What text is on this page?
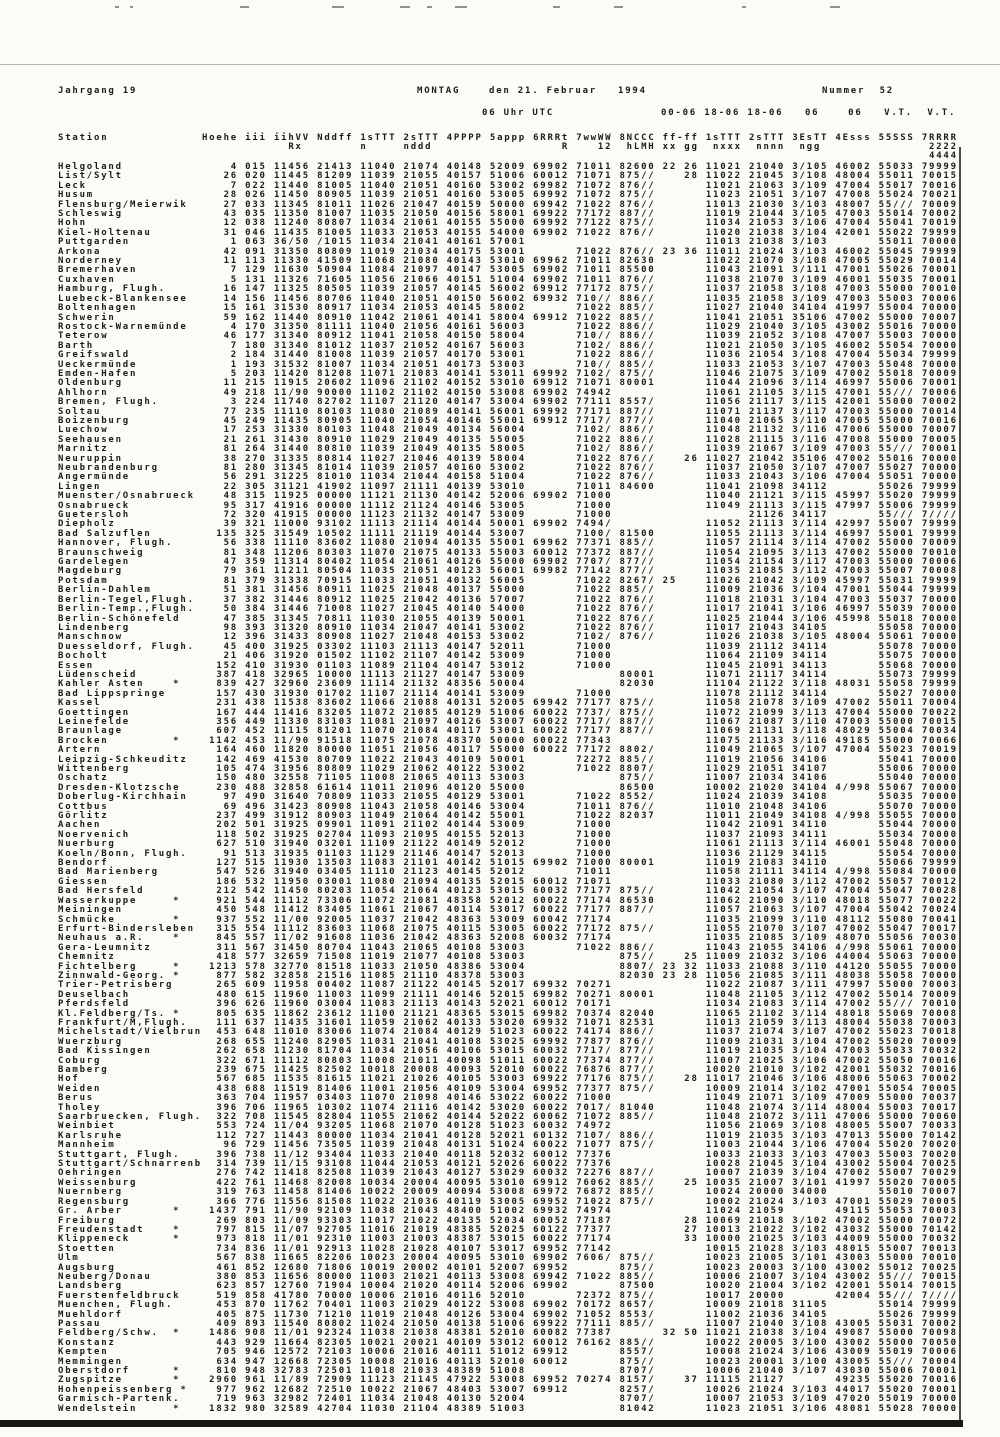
Jahrgang 19	MONTAG	den 21. Februar 1994	Nummer  52
06 Uhr UTC	00-06 18-06 18-06   06    06   V.T.  V.T.
Station             Hoehe iii iihVV Nddff 1sTTT 2sTTT 4PPPP 5appp 6RRRt 7wwWW 8NCCC ff-ff 1sTTT 2sTTT 3EsTT 4Esss 55SSS 7RRRR
Rx        n     nddd                  R    12  hLMH xx gg  nxxx  nnnn  ngg               2222
4444
Helgoland               4 015 11456 21413 11040 21074 40148 52009 69902 71011 82600 22 26 11021 21040 3/105 46002 55033 79999
List/Sylt              26 020 11445 81209 11039 21055 40157 51006 60012 71071 875//    28 11022 21045 3/108 48004 55011 70015
Leck                    7 022 11440 81005 11040 21051 40160 53002 69982 71072 876//       11021 21063 3/109 47004 55017 70016
Husum                  28 026 11450 80905 11039 21051 40160 53005 69992 71072 875//       11023 21051 3/107 47008 55024 70021
Flensburg/Meierwik     27 033 11345 81011 11026 21047 40159 50000 69942 71022 876//       11013 21030 3/103 48007 55/// 70009
Schleswig              43 035 11350 81007 11035 21050 40156 58001 69922 77172 887//       11019 21044 3/105 47003 55014 70002
Hohn                   12 038 11240 80807 11034 21061 40155 55000 69992 77122 875//       11034 21053 3/106 47004 55041 70019
Kiel-Holtenau          31 046 11435 81005 11033 21053 40155 54000 69902 71022 876//       11020 21038 3/104 42001 55022 79999
Puttgarden              1 063 36/50 /1015 11034 21041 40161 57001                         11013 21038 3/103       55011 70000
Arkona                 42 091 31350 80809 11019 21034 40175 53001       71022 876// 23 36 11011 21024 3/103 46002 55045 79999
Norderney              11 113 11330 41509 11068 21080 40143 53010 69962 71011 82630       11022 21070 3/108 47005 55029 70014
Bremerhaven             7 129 11630 50904 11084 21097 40147 53005 69902 71011 85500       11043 21091 3/111 47001 55026 70001
Cuxhaven                5 131 11326 71605 11056 21066 40151 51004 69902 71011 876//       11038 21070 3/109 46001 55035 70001
Hamburg, Flugh.        16 147 11325 80505 11039 21057 40145 56002 69912 77172 875//       11037 21058 3/108 47003 55000 70010
Luebeck-Blankensee     14 156 11456 80706 11040 21051 40150 56002 69932 710// 886//       11035 21058 3/109 47003 55003 70006
Boltenhagen            15 161 31530 80917 11034 21053 40145 58002       71022 885//       11027 21040 34104 41997 55004 70000
Schwerin               59 162 11440 80910 11042 21061 40141 58004 69912 71022 885//       11041 21051 35106 47002 55000 70007
Rostock-Warnemünde      4 170 31350 81111 11040 21056 40161 56003       71022 886//       11029 21040 3/105 43002 55016 70000
Teterow                46 177 31340 80912 11041 21058 40150 58004       710// 886//       11039 21052 3/108 47007 55003 70000
Barth                   7 180 31340 81012 11037 21052 40167 56003       7102/ 886//       11021 21050 3/105 46002 55054 70000
Greifswald              2 184 31440 81008 11039 21057 40170 53001       71022 886//       11036 21054 3/108 47004 55034 79999
Ueckermünde             1 193 31532 81007 11034 21051 40173 53003       710// 885//       11033 21053 3/107 47003 55048 70000
Emden-Hafen             5 203 11420 81208 11071 21083 40141 53011 69992 7102/ 875//       11046 21075 3/109 47002 55018 70009
Oldenburg              11 215 11915 20602 11096 21102 40152 53010 69912 71071 80001       11044 21096 3/114 46997 55006 70001
Ahlhorn                49 218 11/90 90000 11102 21102 40150 53008 69902 74942             11061 21105 3/115 47001 55/// 70006
Bremen, Flugh.          3 224 11740 82702 11107 21120 40147 53004 69902 77111 8557/       11056 21117 3/115 42001 55000 70002
Soltau                 77 235 11110 80103 11080 21089 40141 56001 69992 77171 887//       11071 21137 3/117 47003 55000 70014
Boizenburg             45 249 11435 80905 11040 21054 40146 55001 69912 7717/ 877//       11040 21065 3/110 47005 55000 70016
Luechow                17 253 31330 80103 11048 21049 40134 56004       7102/ 886//       11048 21132 3/116 47006 55000 70007
Seehausen              21 261 31430 80910 11029 21049 40135 55005       71022 886//       11028 21115 3/116 47008 55000 70005
Marnitz                81 264 31440 80810 11039 21049 40135 58005       7102/ 886//       11039 21067 3/109 47003 55/// 70001
Neuruppin              38 270 31335 80814 11027 21046 40139 58004       71022 876//    26 11027 21042 35106 47002 55016 70000
Neubrandenburg         81 280 31345 81014 11039 21057 40160 53002       71022 876//       11037 21050 3/107 47007 55027 70000
Angermünde             56 291 31225 81010 11034 21044 40158 51004       71022 876//       11033 21043 3/106 47004 55051 70000
Lingen                 22 305 31121 41902 11097 21111 40139 53010       71011 84600       11041 21098 34112       55026 79999
Muenster/Osnabrueck    48 315 11925 00000 11121 21130 40142 52006 69902 71000             11040 21121 3/115 45997 55020 79999
Osnabrueck             95 317 41916 00000 11112 21124 40146 53005       71000             11049 21113 3/115 47997 55006 79999
Guetersloh             72 320 41915 00000 11123 21132 40147 53009       71000                   21126 34117       55/// 7////
Diepholz               39 321 11000 93102 11113 21114 40144 50001 69902 7494/             11052 21113 3/114 42997 55007 79999
Bad Salzuflen         135 325 31549 10502 11111 21119 40144 53007       7100/ 81500       11055 21113 3/114 46997 55001 79999
Hannover, Flugh.       56 338 11110 83602 11080 21094 40135 55001 69962 77371 885//       11057 21114 3/114 47002 55000 70009
Braunschweig           81 348 11206 80303 11070 21075 40133 55003 60012 77372 887//       11054 21095 3/113 47002 55000 70010
Gardelegen             47 359 11314 80402 11054 21061 40126 55000 69902 7707/ 877//       11054 21154 3/117 47003 55000 70006
Magdeburg              79 361 11211 80504 11035 21051 40123 56001 69982 77142 877//       11035 21085 3/112 47003 55007 70008
Potsdam                81 379 31338 70915 11033 21051 40132 56005       71022 8267/ 25    11026 21042 3/109 45997 55031 79999
Berlin-Dahlem          51 381 31456 80911 11025 21048 40137 55000       71022 885//       11009 21036 3/104 47001 55044 79999
Berlin-Tegel,Flugh.    37 382 31446 80912 11025 21042 40136 57007       71022 876//       11018 21031 3/104 47003 55037 70000
Berlin-Temp.,Flugh.    50 384 31446 71008 11027 21045 40140 54000       71022 876//       11017 21041 3/106 46997 55039 70000
Berlin-Schönefeld      47 385 31345 70811 11030 21055 40139 50001       71022 876//       11025 21044 3/106 45998 55018 70000
Lindenberg             98 393 31320 80910 11034 21047 40141 53002       71022 876//       11017 21043 34105       55058 70000
Manschnow              12 396 31433 80908 11027 21048 40153 53002       7102/ 876//       11026 21038 3/105 48004 55061 70000
Duesseldorf, Flugh.    45 400 31925 03302 11103 21113 40147 52011       71000             11039 21112 34114       55078 70000
Bocholt                21 406 31920 01502 11102 21107 40142 53009       71000             11064 21109 34114       55075 70000
Essen                 152 410 31930 01103 11089 21104 40147 53012       71000             11045 21091 34113       55068 70000
Lüdenscheid           387 418 32965 10000 11113 21127 40147 53009             80001       11071 21117 34114       55073 79999
Kahler Asten    *     839 427 32960 23609 11114 21132 48356 50004             82030       11104 21122 3/118 48031 55058 79999
Bad Lippspringe       157 430 31930 01702 11107 21114 40141 53009       71000             11078 21112 34114       55027 70000
Kassel                231 438 11538 83602 11066 21088 40131 52005 69942 77177 875//       11058 21078 3/109 47002 55011 70004
Goettingen            167 444 11416 83205 11072 21085 40129 51006 60022 7737/ 875//       11072 21099 3/113 47004 55000 70022
Leinefelde            356 449 11330 83103 11081 21097 40126 53007 60022 7717/ 887//       11067 21087 3/110 47003 55000 70015
Braunlage             607 452 11115 81201 11070 21084 40117 53001 60022 77177 887//       11069 21131 3/118 48029 55004 70034
Brocken         *    1142 453 11/90 91518 11075 21078 48370 50000 60022 77343             11075 21133 3/116 49185 55000 70066
Artern                164 460 11820 80000 11051 21056 40117 55000 60022 77172 8802/       11049 21065 3/107 47004 55023 70019
Leipzig-Schkeuditz    142 469 41530 80709 11022 21043 40109 50001       72272 885//       11019 21056 34106       55041 70000
Wittenberg            105 474 31956 80809 11029 21062 40122 53002       71022 8807/       11029 21051 34107       55006 70000
Oschatz               150 480 32558 71105 11008 21065 40113 53003             875//       11007 21034 34106       55040 70000
Dresden-Klotzsche     230 488 32858 61614 11011 21096 40120 55000             86500       10002 21020 34104 4/998 55067 70000
Doberlug-Kirchhain     97 490 31640 70809 11033 21055 40129 53001       71022 8552/       11024 21039 34108       55035 70000
Cottbus                69 496 31423 80908 11043 21058 40146 53004       71011 876//       11010 21048 34106       55070 70000
Görlitz               237 499 31912 80903 11049 21064 40142 55001       71022 82037       11011 21049 34108 4/998 55055 70000
Aachen                202 501 31925 09901 11091 21102 40144 53009       71000             11042 21091 34110       55044 70000
Noervenich            118 502 31925 02704 11093 21095 40155 52013       71000             11037 21093 34111       55034 70000
Nuerburg              627 510 31940 03201 11109 21122 40149 52012       71000             11061 21113 3/114 46001 55048 70000
Koeln/Bonn, Flugh.     91 513 31935 01103 11129 21146 40147 52013       71000             11036 21129 34115       55054 70000
Bendorf               127 515 11930 13503 11083 21101 40142 51015 69902 71000 80001       11019 21083 34110       55066 79999
Bad Marienberg        547 526 31940 03405 11110 21123 40145 52012       71011             11058 21111 34114 4/998 55084 70000
Giessen               186 532 11950 03001 11080 21094 40135 52015 60012 71071             11033 21080 3/112 47002 55057 70012
Bad Hersfeld          212 542 11450 80203 11054 21064 40123 53015 60032 77177 875//       11042 21054 3/107 47004 55047 70028
Wasserkuppe     *     921 544 11112 73306 11072 21081 48358 52012 60022 77174 86530       11062 21090 3/110 48018 55077 70022
Meiningen             450 548 11412 83405 11061 21067 40114 53017 60022 77177 887//       11057 21063 3/107 47004 55042 70024
Schmücke        *     937 552 11/00 92005 11037 21042 48363 53009 60042 77174             11035 21099 3/110 48112 55080 70041
Erfurt-Bindersleben   315 554 11112 83603 11068 21075 40115 53005 60022 77172 875//       11055 21070 3/107 47002 55047 70017
Neuhaus a.R.    *     845 557 11/02 91608 11036 21042 48363 52008 60032 77174             11035 21085 3/109 48070 55056 70030
Gera-Leumnitz         311 567 31450 80704 11043 21065 40108 53003       71022 886//       11043 21055 34106 4/998 55061 70000
Chemnitz              418 577 32659 71508 11019 21077 40108 53003             875//    25 11009 21032 3/106 44004 55063 70000
Fichtelberg     *    1213 578 32770 81518 11033 21050 48386 53004             8807/ 23 32 11033 21088 3/110 44120 55055 70000
Zinnwald-Georg. *     877 582 32858 21516 11085 21110 48378 53003             82030 23 28 11056 21085 3/111 48038 55058 70000
Trier-Petrisberg      265 609 11958 00402 11087 21122 40145 52017 69932 70271             11022 21087 3/111 47997 55000 70003
Deuselbach            480 615 11960 11003 11099 21111 40146 52015 69982 70271 80001       11048 21105 3/112 47002 55014 70009
Pferdsfeld            396 626 11960 03004 11083 21113 40143 52021 60012 70171             11034 21083 3/114 47002 55/// 70010
Kl.Feldberg/Ts. *     805 635 11862 23612 11100 21121 48365 53015 69982 70374 82040       11065 21102 3/114 48018 55069 70008
Frankfurt/M,Flugh.    111 637 11435 31601 11059 21062 40133 53020 69932 71071 82531       11013 21059 3/113 48004 55038 70003
Michelstadt/Vielbrun  453 648 11010 83006 11074 21084 40129 51023 60022 74174 886//       11037 21074 3/107 47002 55023 70018
Wuerzburg             268 655 11240 82905 11031 21041 40108 53025 69992 77877 876//       11009 21031 3/104 47002 55020 70009
Bad Kissingen         262 658 11230 81704 11034 21056 40106 53015 60032 7717/ 877//       11019 21035 3/104 47003 55033 70032
Coburg                322 671 11112 80803 11008 21011 40098 51011 60022 77374 877//       11007 21025 3/106 47002 55050 70016
Bamberg               239 675 11425 82502 10018 20008 40093 52010 60022 76876 877//       10020 21010 3/102 42001 55032 70016
Hof                   567 685 11535 81615 11021 21026 40105 53003 69922 77176 875//    28 11017 21046 3/106 48006 55063 70002
Weiden                438 688 11519 81406 11001 21056 40109 53004 69952 77377 875//       10009 21014 3/102 47001 55054 70005
Berus                 363 704 11957 03403 11070 21098 40146 53022 60022 71000             11049 21071 3/109 47009 55000 70037
Tholey                396 706 11965 10302 11074 21116 40142 53020 60022 7017/ 81040       11048 21074 3/114 48004 55003 70017
Saarbruecken, Flugh.  322 708 11545 82804 11055 21062 40144 52022 60062 71072 885//       11048 21072 3/111 47006 55000 70060
Weinbiet              553 724 11/04 93205 11068 21070 40128 51023 60032 74972             11056 21069 3/108 48005 55007 70033
Karlsruhe             112 727 11443 80000 11034 21041 40128 52021 60132 7107/ 886//       11019 21035 3/103 47013 55000 70142
Mannheim               96 729 11456 73505 11039 21048 40131 51024 60022 71077 875//       11003 21044 3/106 47004 55020 70020
Stuttgart, Flugh.     396 738 11/12 93404 11033 21040 40118 52032 60012 77376             10033 21033 3/103 47003 55003 70020
Stuttgart/Schnarrenb  314 739 11/15 93108 11044 21053 40121 52026 60022 77376             10028 21045 3/104 43002 55004 70025
Oehringen             276 742 11418 82508 11039 21043 40127 53029 60032 72276 887//       10007 21039 3/104 47002 55007 70029
Weissenburg           422 761 11468 82008 10034 20004 40095 53010 69912 76062 885//    25 10035 21007 3/101 41997 55020 70005
Nuernberg             319 763 11458 81406 10022 20009 40094 53008 69972 76872 885//       10024 20000 34000       55010 70007
Regensburg            366 776 11556 81508 11022 21036 40119 53005 69952 71022 875//       10002 21024 3/103 47001 55029 70005
Gr. Arber       *    1437 791 11/90 92109 11038 21043 48400 51002 69932 74974             11024 21059       49115 55053 70003
Freiburg              269 803 11/09 93303 11017 21022 40135 52034 60052 77187          28 10069 21018 3/102 47002 55000 70072
Freudenstadt    *     797 815 11/07 92705 11016 21019 48385 52025 60122 77377          27 10013 21022 3/102 43032 55000 70142
Klippeneck      *     973 818 11/01 92310 11003 21003 48387 53015 60022 77174          33 10000 21025 3/103 44009 55000 70032
Stoetten              734 836 11/01 92913 11028 21028 40107 53017 69952 77142             10015 21028 3/103 48015 55007 70013
Ulm                   567 838 11665 82206 10023 20004 40095 53010 69902 7606/ 875//       10023 21005 3/101 43003 55000 70010
Augsburg              461 852 12680 71806 10019 20002 40101 52007 69952       875//       10023 20003 3/100 43002 55012 70025
Neuberg/Donau         380 853 11656 80000 11003 21021 40113 53008 69942 71022 885//       10006 21007 3/104 43002 55/// 70015
Landsberg             623 857 12760 71904 10004 21020 40114 52006 69902       87500       10020 21004 3/102 42001 55014 70015
Fuerstenfeldbruck     519 858 41780 70000 10006 21016 40116 52010       72372 875//       10017 20000       42004 55/// 7////
Muenchen, Flugh.      453 870 11762 70401 11003 21029 40122 53008 69902 70172 8657/       10009 21018 31105       55014 79999
Muehldorf             405 875 11730 71210 11019 21048 40126 53004 69902 71052 8553/       11002 21036 34105       55026 79999
Passau                409 893 11540 80802 11024 21050 40138 51006 69922 77111 885//       11007 21040 3/108 43005 55031 70002
Feldberg/Schw.  *    1486 908 11/01 92324 11038 21038 48381 52010 60082 77387       32 50 11021 21038 3/104 49087 55000 70098
Konstanz              443 929 11664 82305 10021 20021 40109 53012 60012 76162 885//       10022 20005 3/100 43002 55000 70050
Kempten               705 946 12572 72103 10006 21016 40111 51012 69912       8557/       10008 21024 3/106 43009 55019 70006
Memmingen             634 947 12668 72305 10008 21016 40113 52010 60012       875//       10023 20001 3/100 43005 55/// 70004
Oberstdorf      *     810 948 32783 72501 11018 21033 48389 51008             8707/       10006 21040 3/107 43030 55006 70001
Zugspitze       *    2960 961 11/89 72909 11123 21145 47922 53008 69952 70274 8157/    37 11115 21127       49235 55020 70016
Hohenpeissenberg *    977 962 12682 72510 10022 21067 48403 53007 69912       8257/       10026 21024 3/103 44017 55020 70001
Garmisch-Partenk.     719 963 32982 72401 11034 21048 40130 52004             8707/       10007 21053 3/109 47020 55019 70000
Wendelstein     *    1832 980 32589 42704 11030 21104 48389 51003             81042       11023 21051 3/106 48081 55028 70000
